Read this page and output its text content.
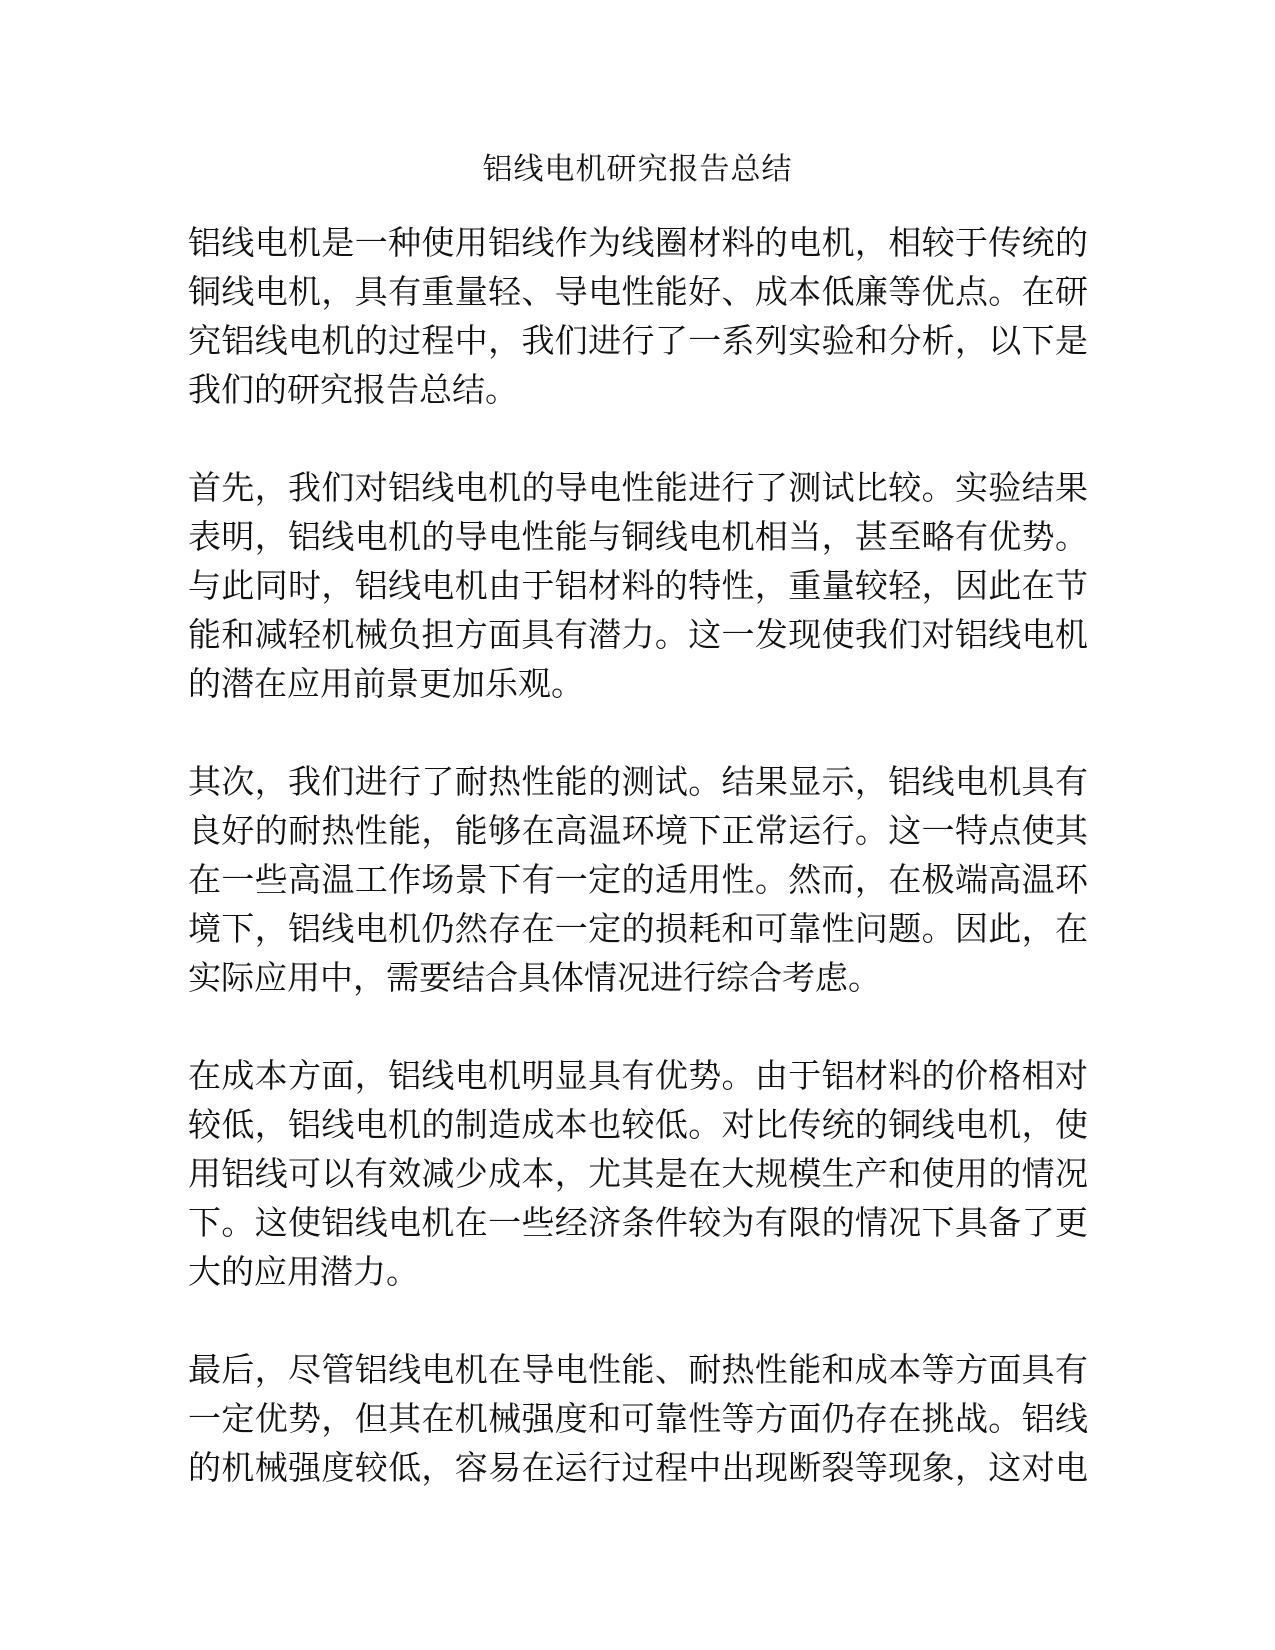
铝线电机研究报告总结

铝线电机是一种使用铝线作为线圈材料的电机，相较于传统的
铜线电机，具有重量轻、导电性能好、成本低廉等优点。在研
究铝线电机的过程中，我们进行了一系列实验和分析，以下是
我们的研究报告总结。

首先，我们对铝线电机的导电性能进行了测试比较。实验结果
表明，铝线电机的导电性能与铜线电机相当，甚至略有优势。
与此同时，铝线电机由于铝材料的特性，重量较轻，因此在节
能和减轻机械负担方面具有潜力。这一发现使我们对铝线电机
的潜在应用前景更加乐观。

其次，我们进行了耐热性能的测试。结果显示，铝线电机具有
良好的耐热性能，能够在高温环境下正常运行。这一特点使其
在一些高温工作场景下有一定的适用性。然而，在极端高温环
境下，铝线电机仍然存在一定的损耗和可靠性问题。因此，在
实际应用中，需要结合具体情况进行综合考虑。

在成本方面，铝线电机明显具有优势。由于铝材料的价格相对
较低，铝线电机的制造成本也较低。对比传统的铜线电机，使
用铝线可以有效减少成本，尤其是在大规模生产和使用的情况
下。这使铝线电机在一些经济条件较为有限的情况下具备了更
大的应用潜力。

最后，尽管铝线电机在导电性能、耐热性能和成本等方面具有
一定优势，但其在机械强度和可靠性等方面仍存在挑战。铝线
的机械强度较低，容易在运行过程中出现断裂等现象，这对电
